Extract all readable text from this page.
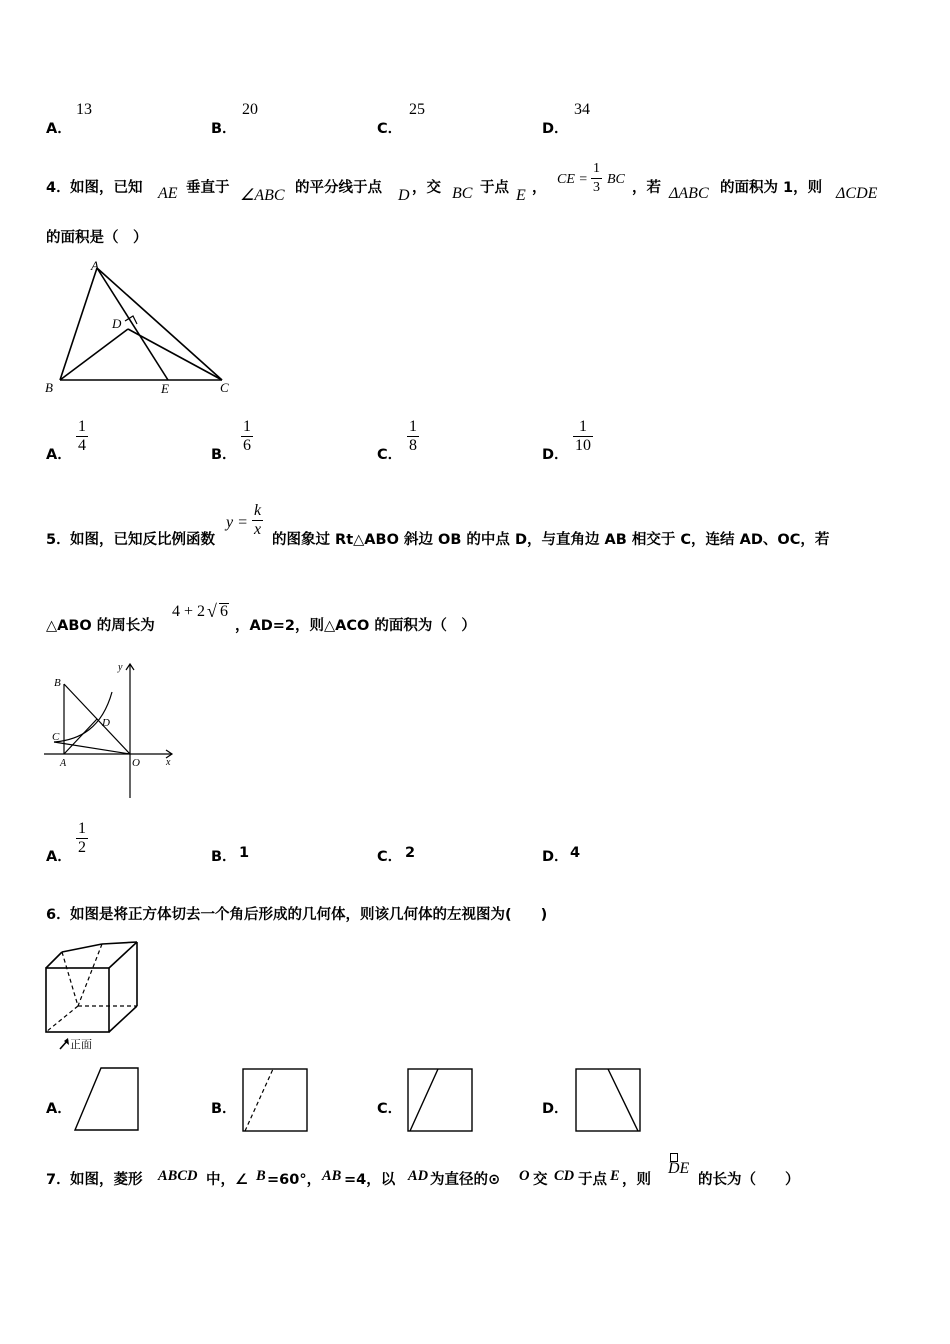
A．
13
B．
20
C．
25
D．
34
4． 如图，已知 AE 垂直于 ∠ABC 的平分线于点 D ，交 BC 于点 E ，
CE = $\frac{1}{3}$ BC
，若 ΔABC 的面积为 1，则 ΔCDE
的面积是（　）
A
D
B	E	C
A． $\frac{1}{4}$	B． $\frac{1}{6}$	C． $\frac{1}{8}$	D． $\frac{1}{10}$
5． 如图，已知反比例函数
$y = \frac{k}{x}$
的图象过 Rt△ABO 斜边 OB 的中点 D，与直角边 AB 相交于 C，连结 AD、OC，若
△ABO 的周长为
4 + 2 √ 6
，AD=2，则△ACO 的面积为（　）
B
y
D
C
A	O	x
A． $\frac{1}{2}$	B． 1	C． 2	D． 4
6． 如图是将正方体切去一个角后形成的几何体，则该几何体的左视图为(　　)
正面
A．	B．	C．	D．
7． 如图，菱形 ABCD 中，∠ B =60°， AB =4，以 AD 为直径的⊙ O 交 CD 于点 E ，则
DE
的长为（　　）
